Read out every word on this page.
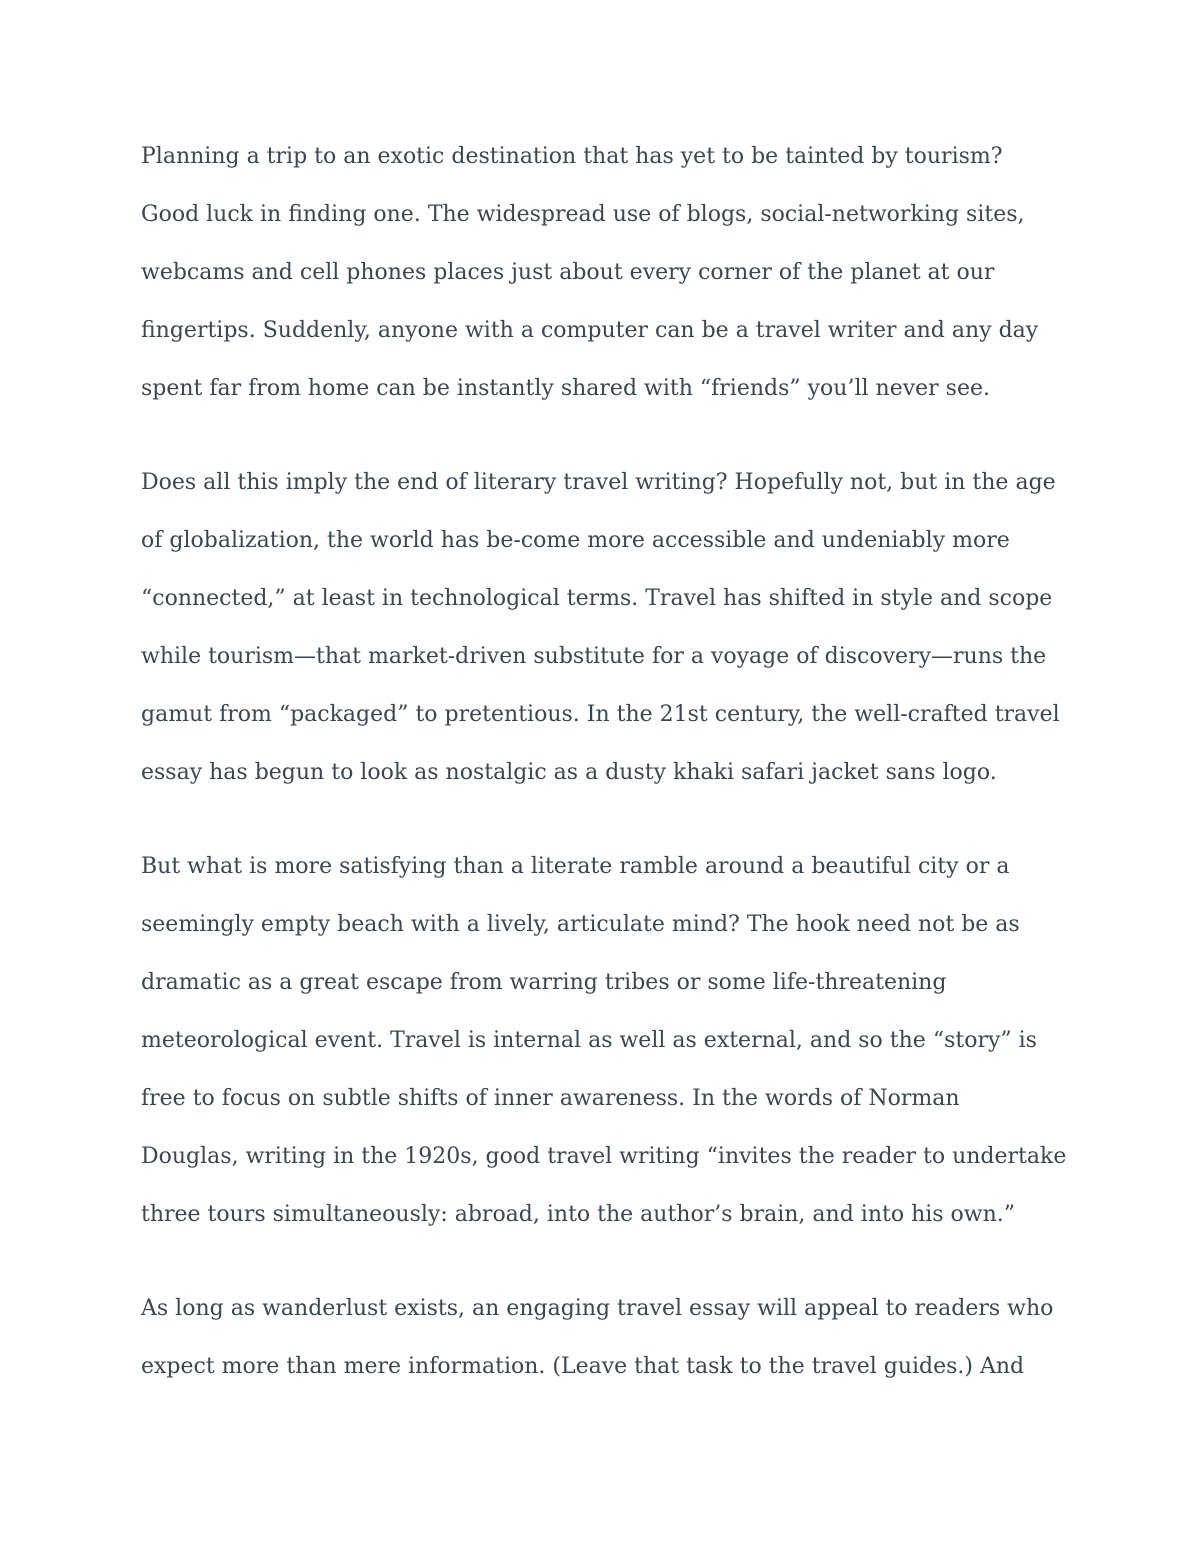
Planning a trip to an exotic destination that has yet to be tainted by tourism?
Good luck in finding one. The widespread use of blogs, social-networking sites,
webcams and cell phones places just about every corner of the planet at our
fingertips. Suddenly, anyone with a computer can be a travel writer and any day
spent far from home can be instantly shared with “friends” you’ll never see.

Does all this imply the end of literary travel writing? Hopefully not, but in the age
of globalization, the world has be-come more accessible and undeniably more
“connected,” at least in technological terms. Travel has shifted in style and scope
while tourism—that market-driven substitute for a voyage of discovery—runs the
gamut from “packaged” to pretentious. In the 21st century, the well-crafted travel
essay has begun to look as nostalgic as a dusty khaki safari jacket sans logo.

But what is more satisfying than a literate ramble around a beautiful city or a
seemingly empty beach with a lively, articulate mind? The hook need not be as
dramatic as a great escape from warring tribes or some life-threatening
meteorological event. Travel is internal as well as external, and so the “story” is
free to focus on subtle shifts of inner awareness. In the words of Norman
Douglas, writing in the 1920s, good travel writing “invites the reader to undertake
three tours simultaneously: abroad, into the author’s brain, and into his own.”

As long as wanderlust exists, an engaging travel essay will appeal to readers who
expect more than mere information. (Leave that task to the travel guides.) And
